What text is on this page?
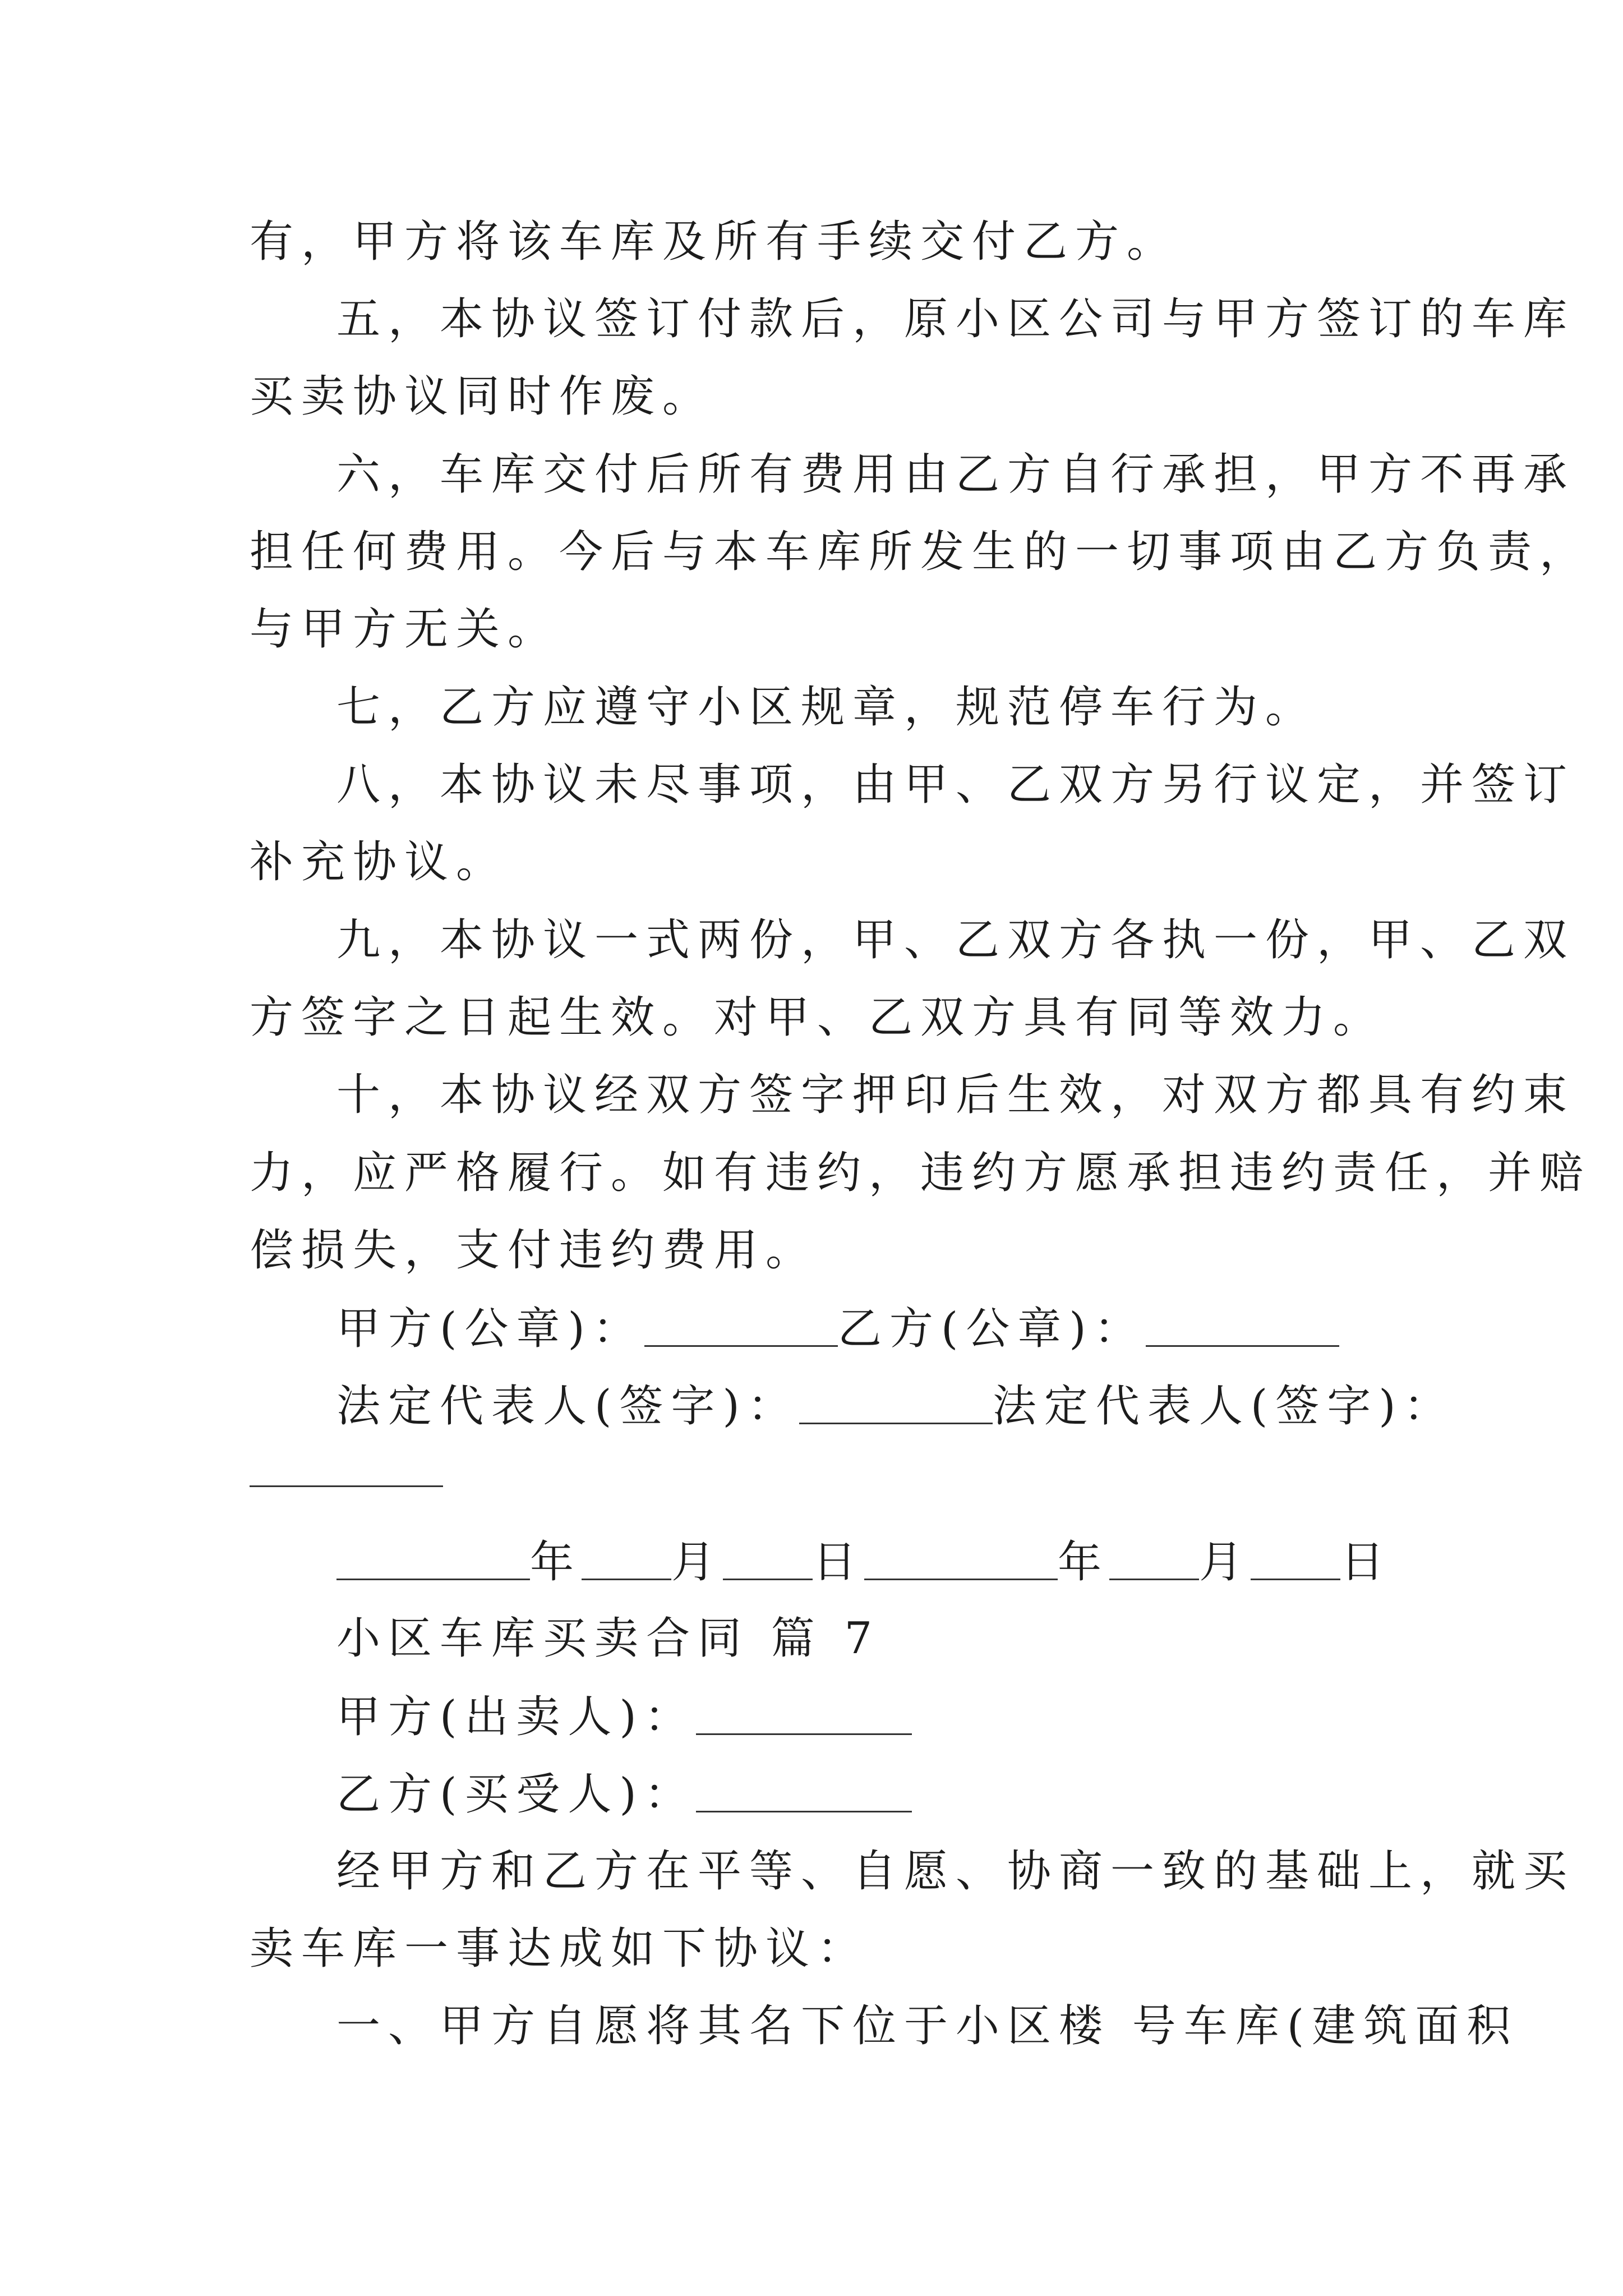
有，甲方将该车库及所有手续交付乙方。
五，本协议签订付款后，原小区公司与甲方签订的车库
买卖协议同时作废。
六，车库交付后所有费用由乙方自行承担，甲方不再承
担任何费用。今后与本车库所发生的一切事项由乙方负责，
与甲方无关。
七，乙方应遵守小区规章，规范停车行为。
八，本协议未尽事项，由甲、乙双方另行议定，并签订
补充协议。
九，本协议一式两份，甲、乙双方各执一份，甲、乙双
方签字之日起生效。对甲、乙双方具有同等效力。
十，本协议经双方签字押印后生效，对双方都具有约束
力，应严格履行。如有违约，违约方愿承担违约责任，并赔
偿损失，支付违约费用。
甲方(公章)：	乙方(公章)：
法定代表人(签字)：	法定代表人(签字)：
年 月 日	年 月 日
小区车库买卖合同 篇 7
甲方(出卖人)：
乙方(买受人)：
经甲方和乙方在平等、自愿、协商一致的基础上，就买
卖车库一事达成如下协议：
一、甲方自愿将其名下位于小区楼 号车库(建筑面积
